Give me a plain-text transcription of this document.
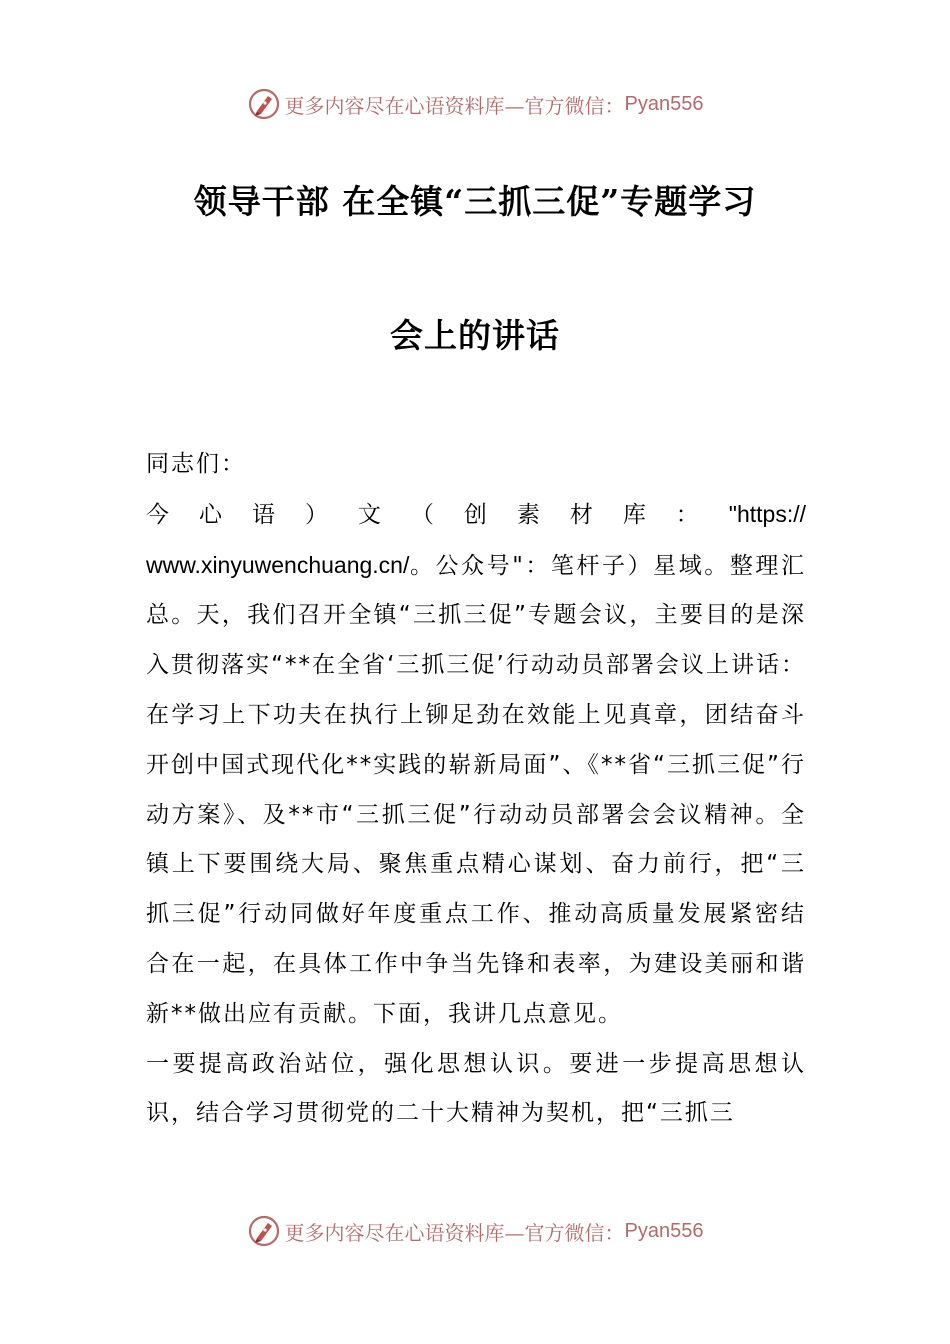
更多内容尽在心语资料库—官方微信： Pyan556
领导干部 在全镇“三抓三促”专题学习
会上的讲话

同志们：

今 心 语 ） 文 （ 创 素 材 库 ： "https://

www.xinyuwenchuang.cn/。公众号"：笔杆子）星域。整理汇总。天，我们召开全镇“三抓三促”专题会议，主要目的是深入贯彻落实“**在全省‘三抓三促’行动动员部署会议上讲话：在学习上下功夫在执行上铆足劲在效能上见真章，团结奋斗开创中国式现代化**实践的崭新局面”、《**省“三抓三促”行动方案》、及**市“三抓三促”行动动员部署会会议精神。全镇上下要围绕大局、聚焦重点精心谋划、奋力前行，把“三抓三促”行动同做好年度重点工作、推动高质量发展紧密结合在一起，在具体工作中争当先锋和表率，为建设美丽和谐新**做出应有贡献。下面，我讲几点意见。

一要提高政治站位，强化思想认识。要进一步提高思想认识，结合学习贯彻党的二十大精神为契机，把“三抓三

更多内容尽在心语资料库—官方微信： Pyan556
